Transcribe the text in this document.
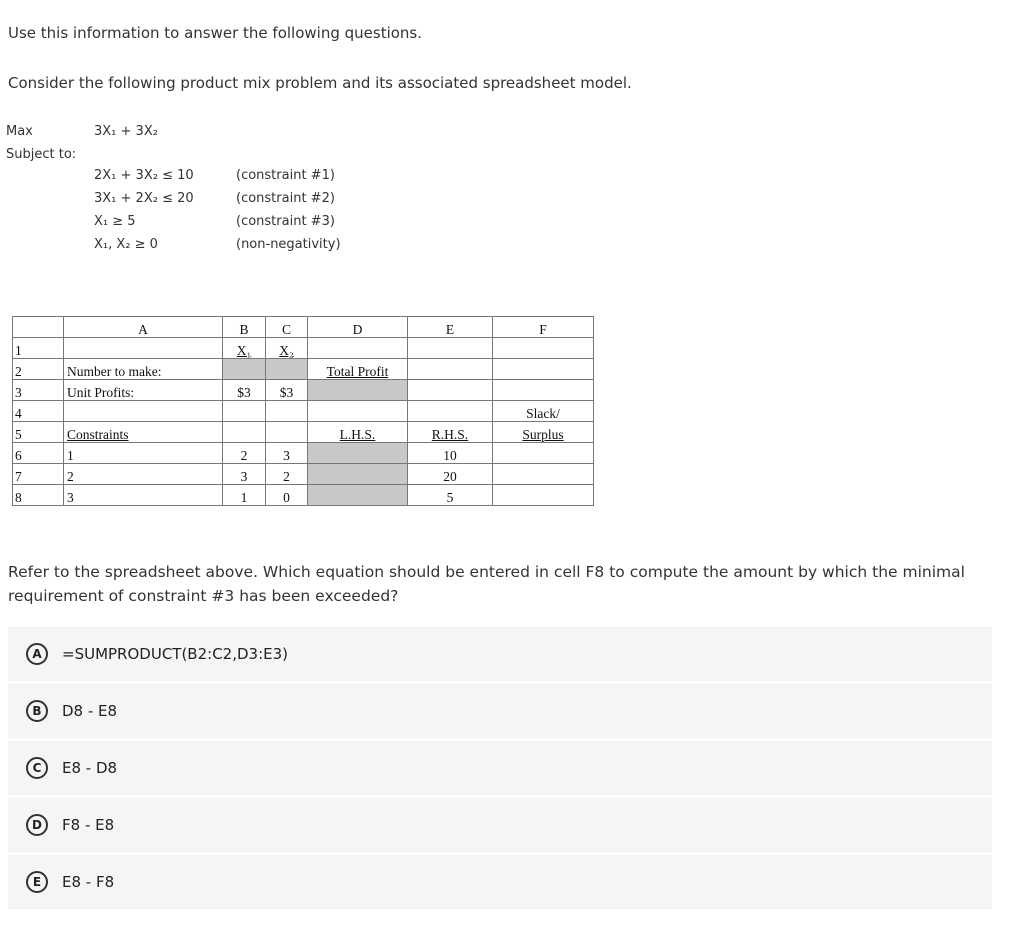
Use this information to answer the following questions.
Consider the following product mix problem and its associated spreadsheet model.
Max	3X₁ + 3X₂
Subject to:
2X₁ + 3X₂ ≤ 10	(constraint #1)
3X₁ + 2X₂ ≤ 20	(constraint #2)
X₁ ≥ 5	(constraint #3)
X₁, X₂ ≥ 0	(non-negativity)
	A	B	C	D	E	F
1		X₁	X₂			
2	Number to make:			Total Profit		
3	Unit Profits:	$3	$3			
4						Slack/
5	Constraints			L.H.S.	R.H.S.	Surplus
6	1	2	3		10	
7	2	3	2		20	
8	3	1	0		5	
Refer to the spreadsheet above. Which equation should be entered in cell F8 to compute the amount by which the minimal requirement of constraint #3 has been exceeded?
A	=SUMPRODUCT(B2:C2,D3:E3)
B	D8 - E8
C	E8 - D8
D	F8 - E8
E	E8 - F8
